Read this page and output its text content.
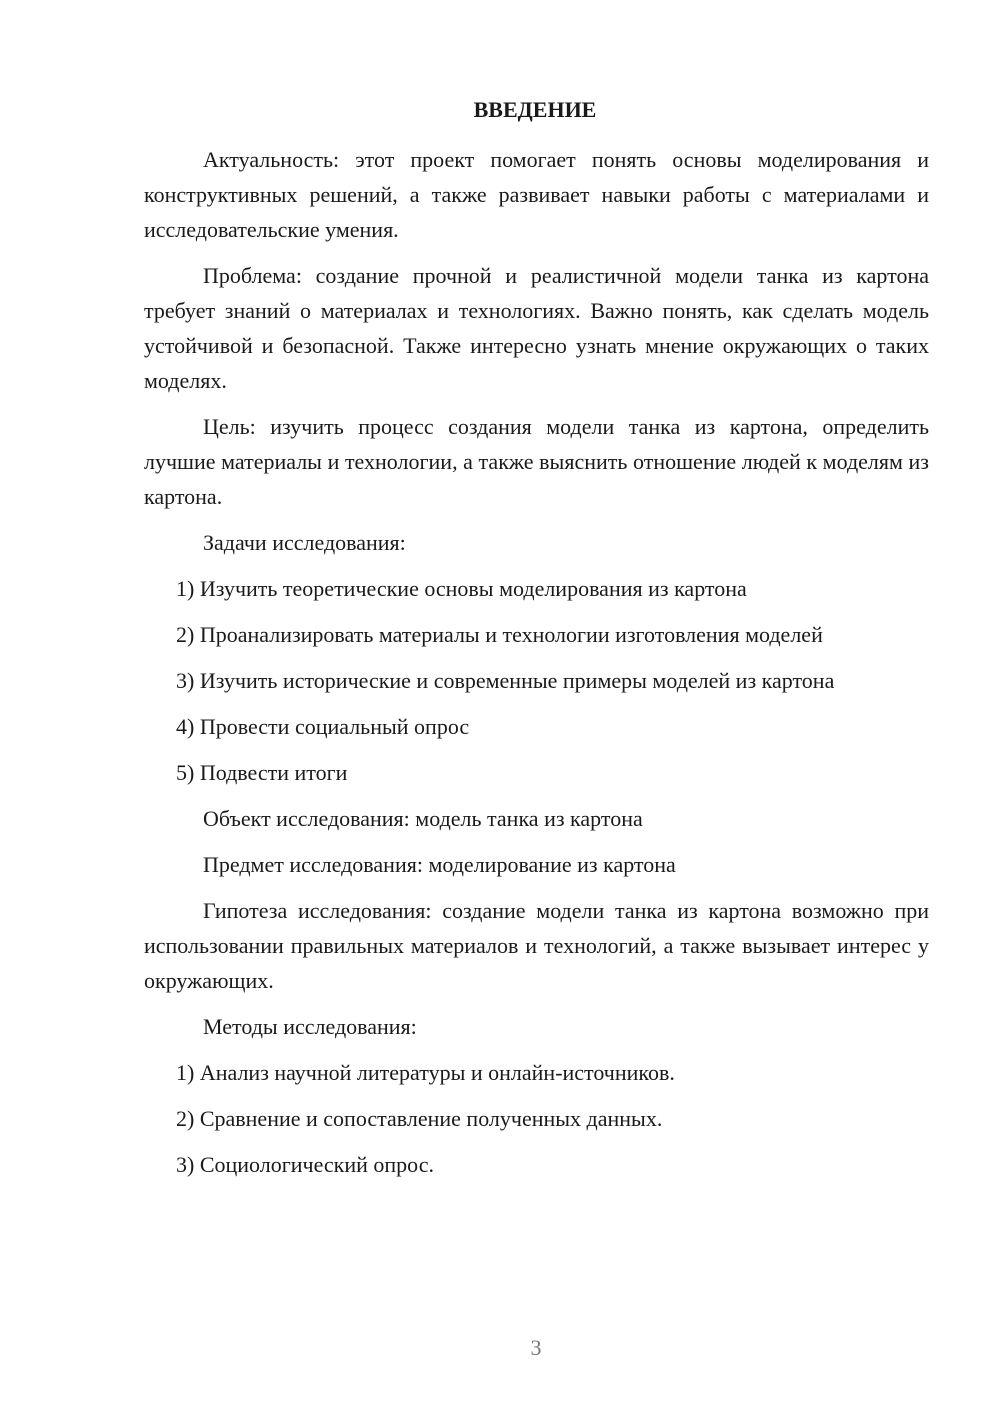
ВВЕДЕНИЕ

Актуальность: этот проект помогает понять основы моделирования и конструктивных решений, а также развивает навыки работы с материалами и исследовательские умения.

Проблема: создание прочной и реалистичной модели танка из картона требует знаний о материалах и технологиях. Важно понять, как сделать модель устойчивой и безопасной. Также интересно узнать мнение окружающих о таких моделях.

Цель: изучить процесс создания модели танка из картона, определить лучшие материалы и технологии, а также выяснить отношение людей к моделям из картона.

Задачи исследования:

1) Изучить теоретические основы моделирования из картона

2) Проанализировать материалы и технологии изготовления моделей

3) Изучить исторические и современные примеры моделей из картона

4) Провести социальный опрос

5) Подвести итоги

Объект исследования: модель танка из картона

Предмет исследования: моделирование из картона

Гипотеза исследования: создание модели танка из картона возможно при использовании правильных материалов и технологий, а также вызывает интерес у окружающих.

Методы исследования:

1) Анализ научной литературы и онлайн-источников.

2) Сравнение и сопоставление полученных данных.

3) Социологический опрос.

3
